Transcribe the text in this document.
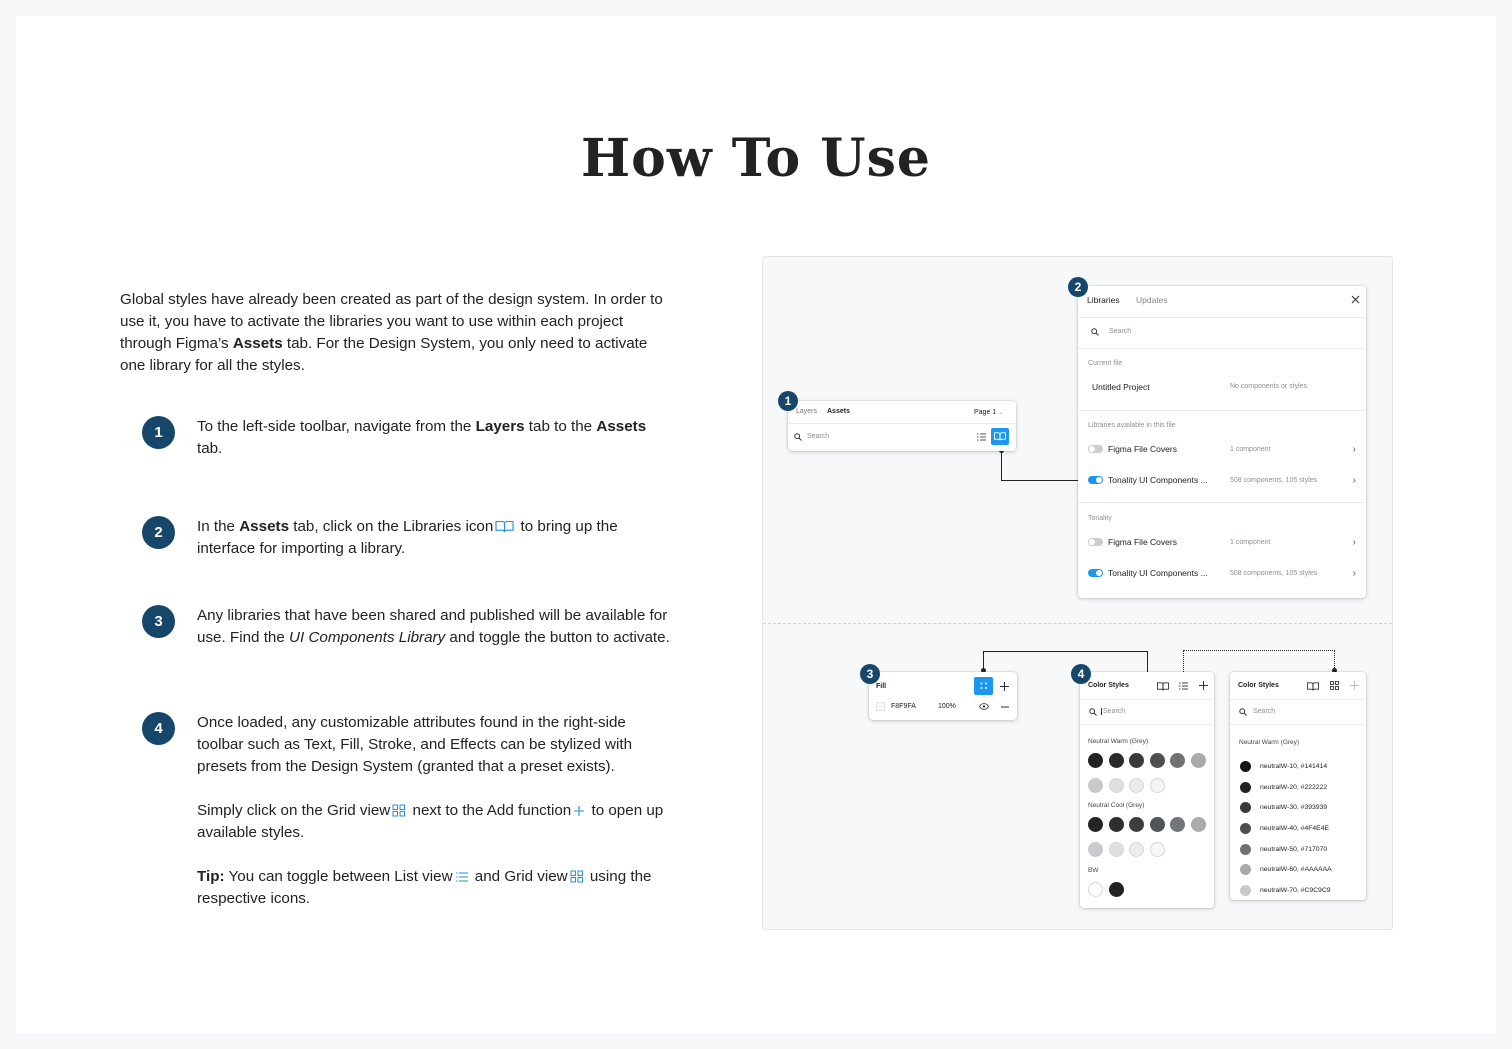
How To Use
Global styles have already been created as part of the design system. In order to use it, you have to activate the libraries you want to use within each project through Figma’s Assets tab. For the Design System, you only need to activate one library for all the styles.
1	To the left-side toolbar, navigate from the Layers tab to the Assets tab.
2	In the Assets tab, click on the Libraries icon to bring up the interface for importing a library.
3	Any libraries that have been shared and published will be available for use. Find the UI Components Library and toggle the button to activate.
4	Once loaded, any customizable attributes found in the right-side toolbar such as Text, Fill, Stroke, and Effects can be stylized with presets from the Design System (granted that a preset exists).

Simply click on the Grid view next to the Add function to open up available styles.

Tip: You can toggle between List view and Grid view using the respective icons.

1
Layers Assets	Page 1 ⌄
Search
2
Libraries Updates
Search
Current file
Untitled Project	No components or styles
Libraries available in this file
Figma File Covers	1 component	›
Tonality UI Components ...	508 components, 105 styles	›
Tonality
Figma File Covers	1 component	›
Tonality UI Components ...	508 components, 105 styles	›
3
Fill
F8F9FA	100%
4
Color Styles
Search
Neutral Warm (Grey)
Neutral Cool (Grey)
BW
Color Styles
Search
Neutral Warm (Grey)
neutralW-10, #141414
neutralW-20, #222222
neutralW-30, #393939
neutralW-40, #4F4E4E
neutralW-50, #717070
neutralW-60, #AAAAAA
neutralW-70, #C9C9C9
